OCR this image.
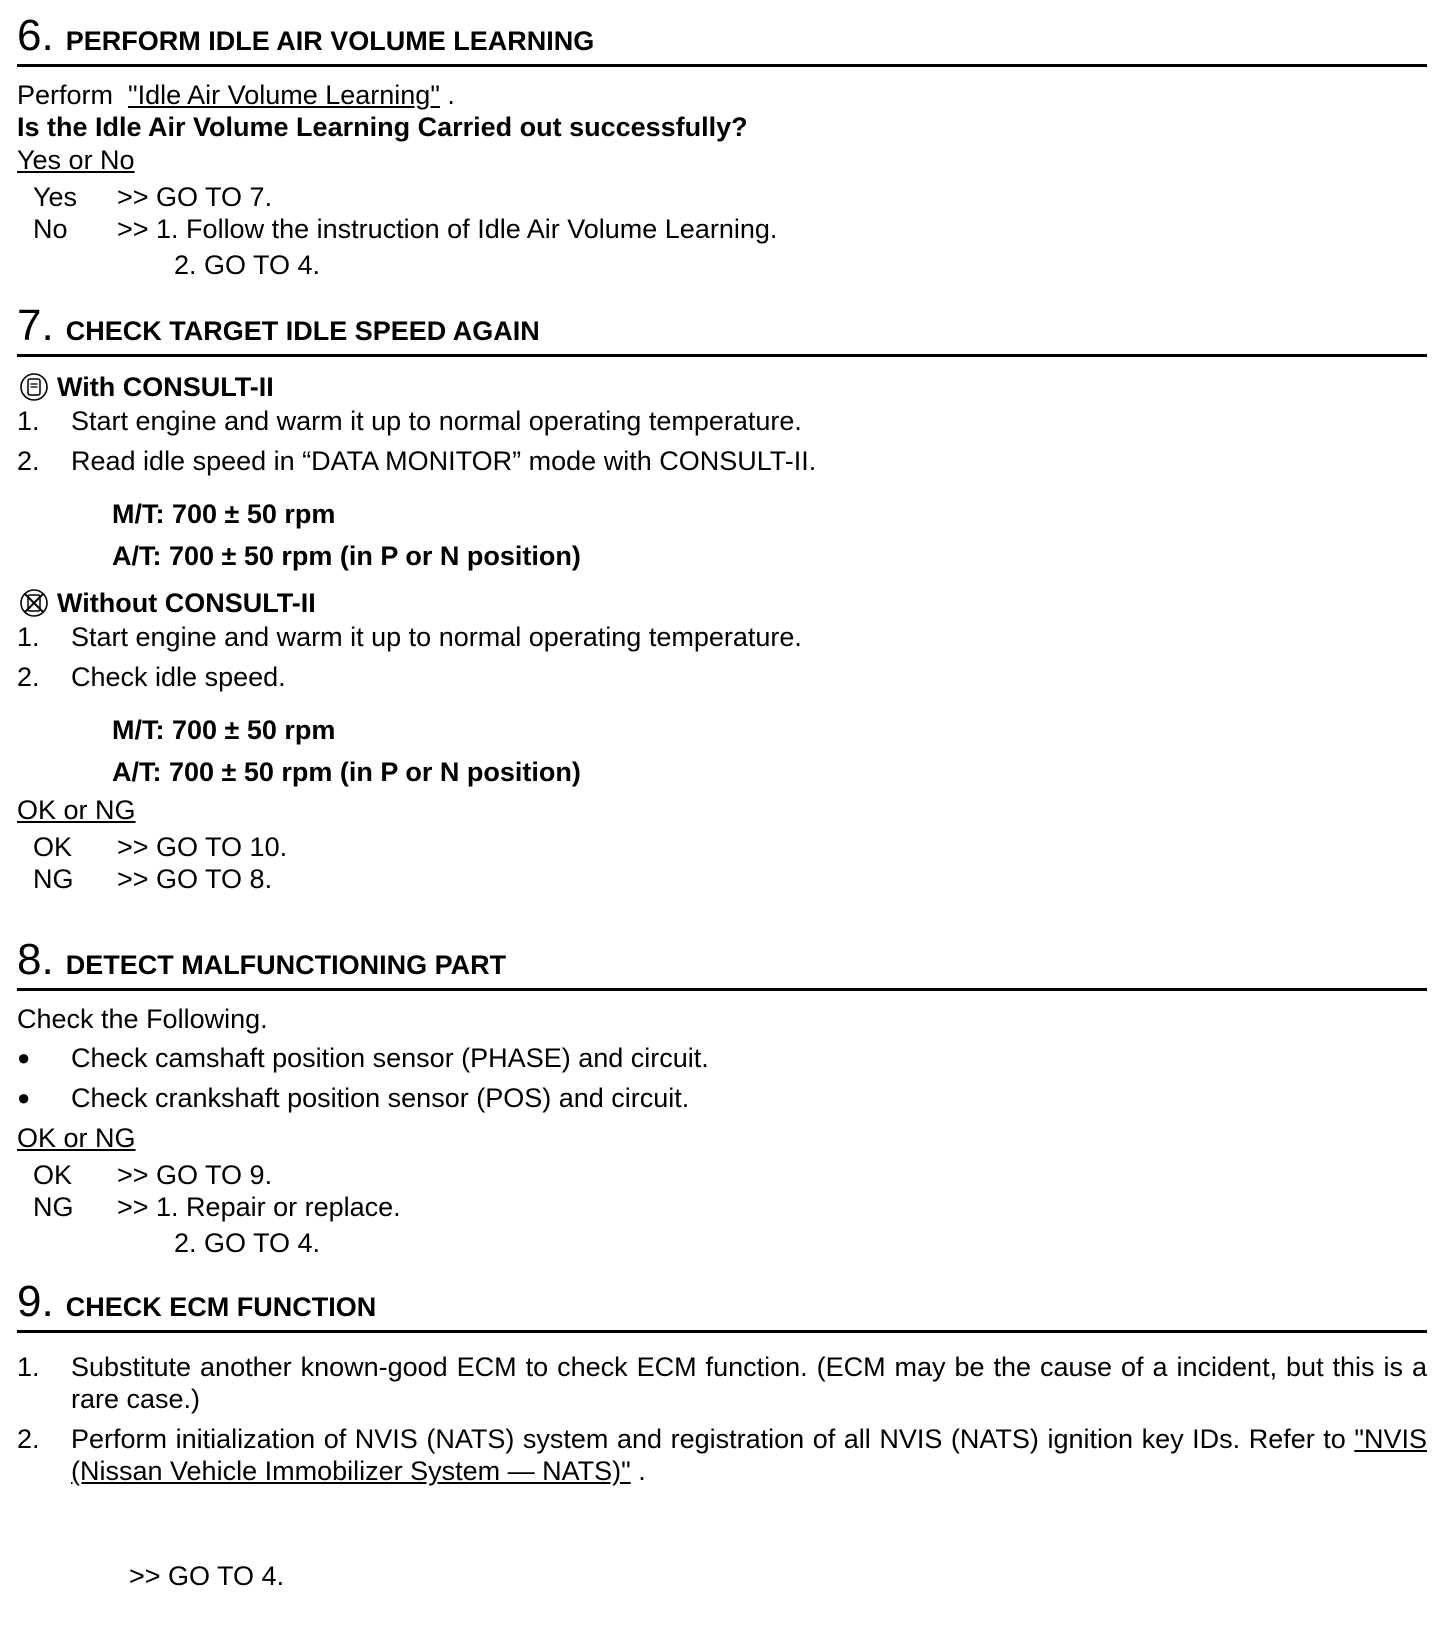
6. PERFORM IDLE AIR VOLUME LEARNING
Perform "Idle Air Volume Learning" .
Is the Idle Air Volume Learning Carried out successfully?
Yes or No
Yes	>> GO TO 7.
No	>> 1. Follow the instruction of Idle Air Volume Learning.
2. GO TO 4.
7. CHECK TARGET IDLE SPEED AGAIN
With CONSULT-II
1.	Start engine and warm it up to normal operating temperature.
2.	Read idle speed in “DATA MONITOR” mode with CONSULT-II.
M/T: 700 ± 50 rpm
A/T: 700 ± 50 rpm (in P or N position)
Without CONSULT-II
1.	Start engine and warm it up to normal operating temperature.
2.	Check idle speed.
M/T: 700 ± 50 rpm
A/T: 700 ± 50 rpm (in P or N position)
OK or NG
OK	>> GO TO 10.
NG	>> GO TO 8.
8. DETECT MALFUNCTIONING PART
Check the Following.
●	Check camshaft position sensor (PHASE) and circuit.
●	Check crankshaft position sensor (POS) and circuit.
OK or NG
OK	>> GO TO 9.
NG	>> 1. Repair or replace.
2. GO TO 4.
9. CHECK ECM FUNCTION
1.	Substitute another known-good ECM to check ECM function. (ECM may be the cause of a incident, but this is a rare case.)
2.	Perform initialization of NVIS (NATS) system and registration of all NVIS (NATS) ignition key IDs. Refer to "NVIS (Nissan Vehicle Immobilizer System — NATS)" .
>> GO TO 4.
